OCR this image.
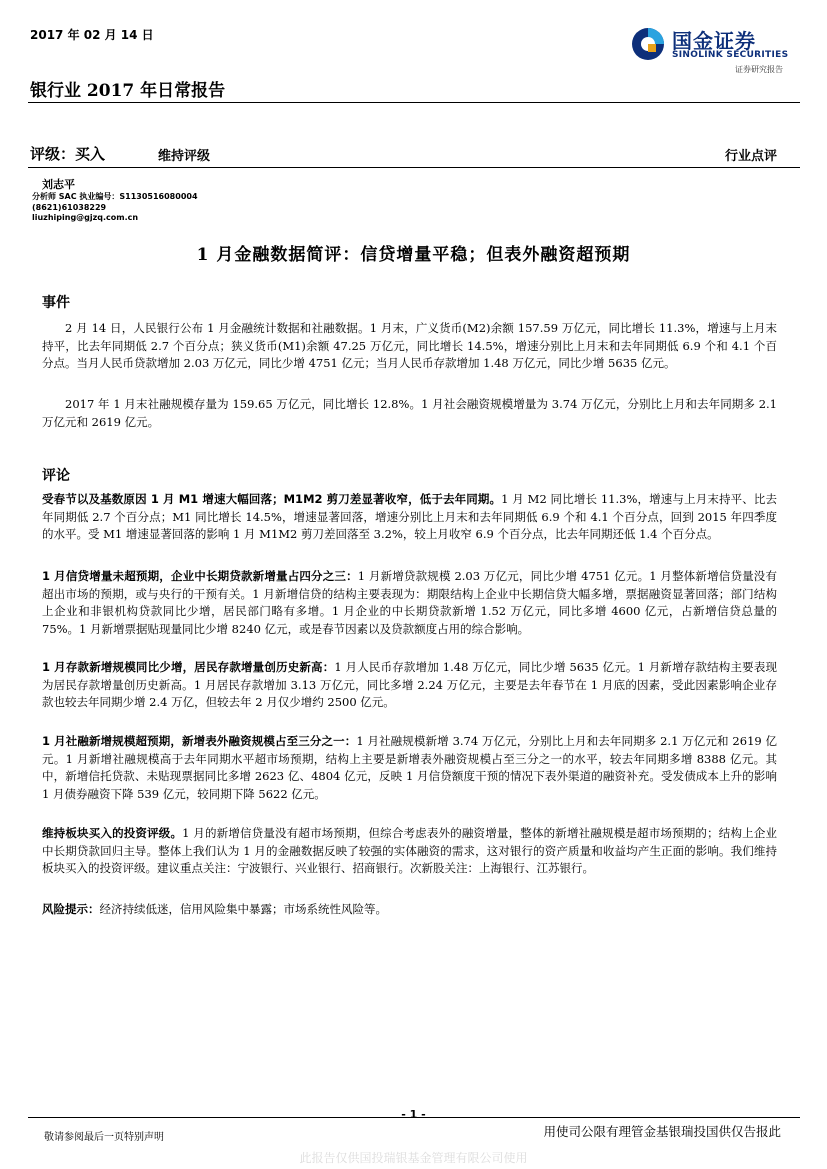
2017 年 02 月 14 日
银行业 2017 年日常报告
国金证券
SINOLINK SECURITIES
证券研究报告
评级：买入	维持评级	行业点评
刘志平
分析师 SAC 执业编号：S1130516080004
(8621)61038229
liuzhiping@gjzq.com.cn
1 月金融数据简评：信贷增量平稳；但表外融资超预期
事件
2 月 14 日，人民银行公布 1 月金融统计数据和社融数据。1 月末，广义货币(M2)余额 157.59 万亿元，同比增长 11.3%，增速与上月末持平，比去年同期低 2.7 个百分点；狭义货币(M1)余额 47.25 万亿元，同比增长 14.5%，增速分别比上月末和去年同期低 6.9 个和 4.1 个百分点。当月人民币贷款增加 2.03 万亿元，同比少增 4751 亿元；当月人民币存款增加 1.48 万亿元，同比少增 5635 亿元。
2017 年 1 月末社融规模存量为 159.65 万亿元，同比增长 12.8%。1 月社会融资规模增量为 3.74 万亿元，分别比上月和去年同期多 2.1 万亿元和 2619 亿元。
评论
受春节以及基数原因 1 月 M1 增速大幅回落；M1M2 剪刀差显著收窄，低于去年同期。1 月 M2 同比增长 11.3%，增速与上月末持平、比去年同期低 2.7 个百分点；M1 同比增长 14.5%，增速显著回落，增速分别比上月末和去年同期低 6.9 个和 4.1 个百分点，回到 2015 年四季度的水平。受 M1 增速显著回落的影响 1 月 M1M2 剪刀差回落至 3.2%，较上月收窄 6.9 个百分点，比去年同期还低 1.4 个百分点。
1 月信贷增量未超预期，企业中长期贷款新增量占四分之三：1 月新增贷款规模 2.03 万亿元，同比少增 4751 亿元。1 月整体新增信贷量没有超出市场的预期，或与央行的干预有关。1 月新增信贷的结构主要表现为：期限结构上企业中长期信贷大幅多增，票据融资显著回落；部门结构上企业和非银机构贷款同比少增，居民部门略有多增。1 月企业的中长期贷款新增 1.52 万亿元，同比多增 4600 亿元，占新增信贷总量的 75%。1 月新增票据贴现量同比少增 8240 亿元，或是春节因素以及贷款额度占用的综合影响。
1 月存款新增规模同比少增，居民存款增量创历史新高：1 月人民币存款增加 1.48 万亿元，同比少增 5635 亿元。1 月新增存款结构主要表现为居民存款增量创历史新高。1 月居民存款增加 3.13 万亿元，同比多增 2.24 万亿元，主要是去年春节在 1 月底的因素，受此因素影响企业存款也较去年同期少增 2.4 万亿，但较去年 2 月仅少增约 2500 亿元。
1 月社融新增规模超预期，新增表外融资规模占至三分之一：1 月社融规模新增 3.74 万亿元，分别比上月和去年同期多 2.1 万亿元和 2619 亿元。1 月新增社融规模高于去年同期水平超市场预期，结构上主要是新增表外融资规模占至三分之一的水平，较去年同期多增 8388 亿元。其中，新增信托贷款、未贴现票据同比多增 2623 亿、4804 亿元，反映 1 月信贷额度干预的情况下表外渠道的融资补充。受发债成本上升的影响 1 月债券融资下降 539 亿元，较同期下降 5622 亿元。
维持板块买入的投资评级。1 月的新增信贷量没有超市场预期，但综合考虑表外的融资增量，整体的新增社融规模是超市场预期的；结构上企业中长期贷款回归主导。整体上我们认为 1 月的金融数据反映了较强的实体融资的需求，这对银行的资产质量和收益均产生正面的影响。我们维持板块买入的投资评级。建议重点关注：宁波银行、兴业银行、招商银行。次新股关注：上海银行、江苏银行。
风险提示：经济持续低迷，信用风险集中暴露；市场系统性风险等。
- 1 -
敬请参阅最后一页特别声明	用使司公限有理管金基银瑞投国供仅告报此
此报告仅供国投瑞银基金管理有限公司使用
